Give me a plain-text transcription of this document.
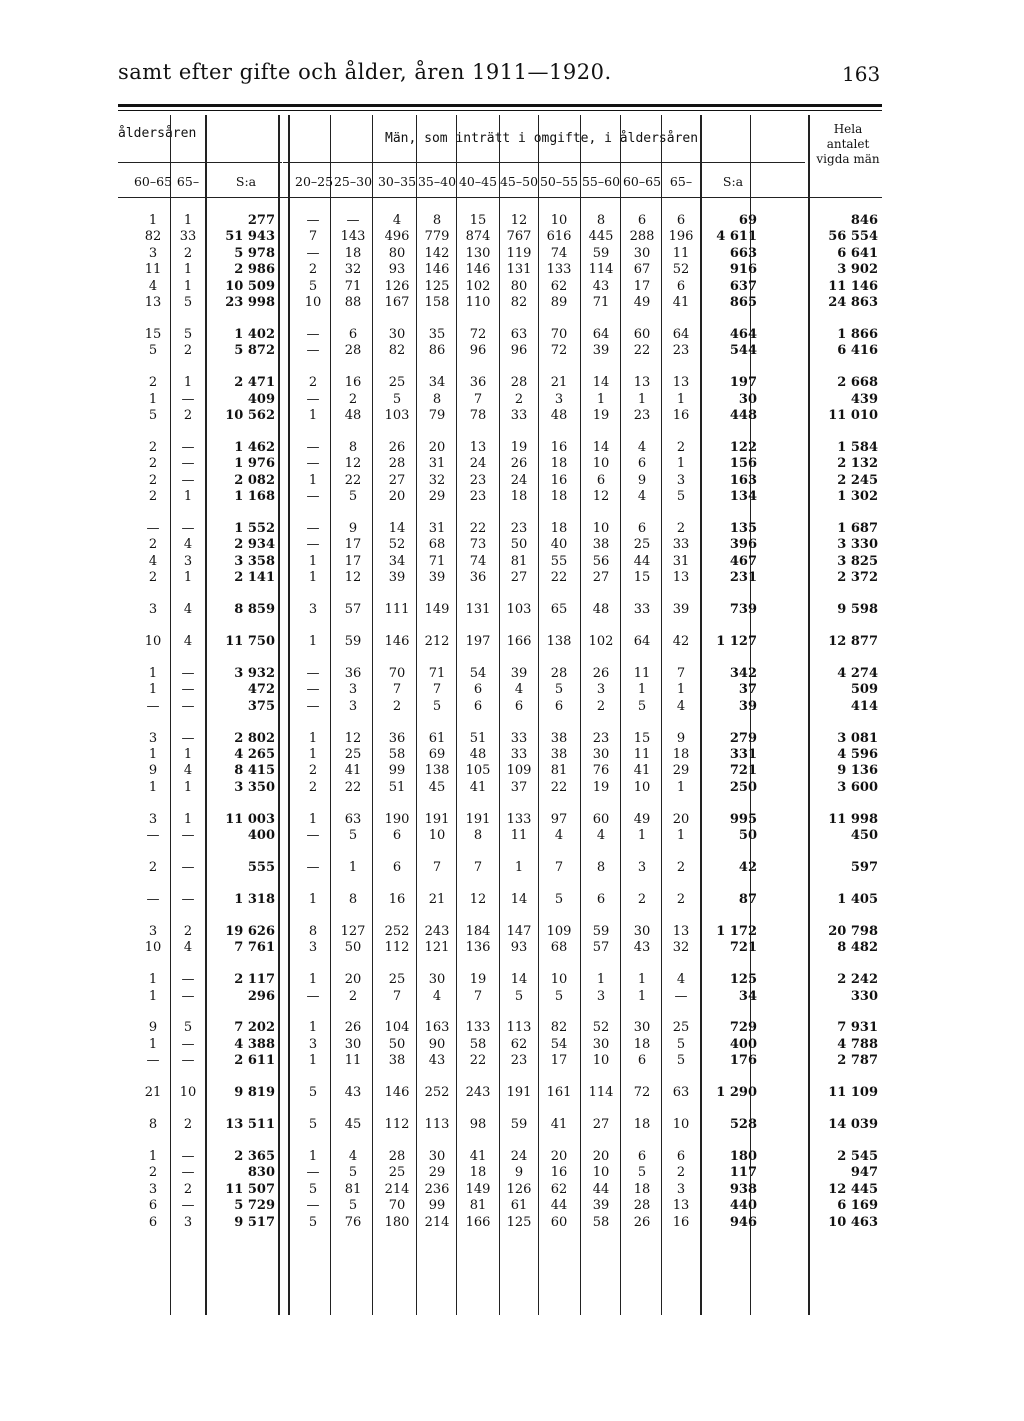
samt efter gifte och ålder, åren 1911—1920.	163
åldersåren	Män, som inträtt i omgifte, i åldersåren
Hela antalet vigda män
60–65 65–	S:a	20–25 25–30 30–35 35–40 40–45 45–50 50–55 55–60 60–65 65–	S:a
1	1	277	—	—	4	8	15	12	10	8	6	6	69	846
82	33	51 943	7	143	496	779	874	767	616	445	288	196	4 611	56 554
3	2	5 978	—	18	80	142	130	119	74	59	30	11	663	6 641
11	1	2 986	2	32	93	146	146	131	133	114	67	52	916	3 902
4	1	10 509	5	71	126	125	102	80	62	43	17	6	637	11 146
13	5	23 998	10	88	167	158	110	82	89	71	49	41	865	24 863
15	5	1 402	—	6	30	35	72	63	70	64	60	64	464	1 866
5	2	5 872	—	28	82	86	96	96	72	39	22	23	544	6 416
2	1	2 471	2	16	25	34	36	28	21	14	13	13	197	2 668
1	—	409	—	2	5	8	7	2	3	1	1	1	30	439
5	2	10 562	1	48	103	79	78	33	48	19	23	16	448	11 010
2	—	1 462	—	8	26	20	13	19	16	14	4	2	122	1 584
2	—	1 976	—	12	28	31	24	26	18	10	6	1	156	2 132
2	—	2 082	1	22	27	32	23	24	16	6	9	3	163	2 245
2	1	1 168	—	5	20	29	23	18	18	12	4	5	134	1 302
—	—	1 552	—	9	14	31	22	23	18	10	6	2	135	1 687
2	4	2 934	—	17	52	68	73	50	40	38	25	33	396	3 330
4	3	3 358	1	17	34	71	74	81	55	56	44	31	467	3 825
2	1	2 141	1	12	39	39	36	27	22	27	15	13	231	2 372
3	4	8 859	3	57	111	149	131	103	65	48	33	39	739	9 598
10	4	11 750	1	59	146	212	197	166	138	102	64	42	1 127	12 877
1	—	3 932	—	36	70	71	54	39	28	26	11	7	342	4 274
1	—	472	—	3	7	7	6	4	5	3	1	1	37	509
—	—	375	—	3	2	5	6	6	6	2	5	4	39	414
3	—	2 802	1	12	36	61	51	33	38	23	15	9	279	3 081
1	1	4 265	1	25	58	69	48	33	38	30	11	18	331	4 596
9	4	8 415	2	41	99	138	105	109	81	76	41	29	721	9 136
1	1	3 350	2	22	51	45	41	37	22	19	10	1	250	3 600
3	1	11 003	1	63	190	191	191	133	97	60	49	20	995	11 998
—	—	400	—	5	6	10	8	11	4	4	1	1	50	450
2	—	555	—	1	6	7	7	1	7	8	3	2	42	597
—	—	1 318	1	8	16	21	12	14	5	6	2	2	87	1 405
3	2	19 626	8	127	252	243	184	147	109	59	30	13	1 172	20 798
10	4	7 761	3	50	112	121	136	93	68	57	43	32	721	8 482
1	—	2 117	1	20	25	30	19	14	10	1	1	4	125	2 242
1	—	296	—	2	7	4	7	5	5	3	1	—	34	330
9	5	7 202	1	26	104	163	133	113	82	52	30	25	729	7 931
1	—	4 388	3	30	50	90	58	62	54	30	18	5	400	4 788
—	—	2 611	1	11	38	43	22	23	17	10	6	5	176	2 787
21	10	9 819	5	43	146	252	243	191	161	114	72	63	1 290	11 109
8	2	13 511	5	45	112	113	98	59	41	27	18	10	528	14 039
1	—	2 365	1	4	28	30	41	24	20	20	6	6	180	2 545
2	—	830	—	5	25	29	18	9	16	10	5	2	117	947
3	2	11 507	5	81	214	236	149	126	62	44	18	3	938	12 445
6	—	5 729	—	5	70	99	81	61	44	39	28	13	440	6 169
6	3	9 517	5	76	180	214	166	125	60	58	26	16	946	10 463
